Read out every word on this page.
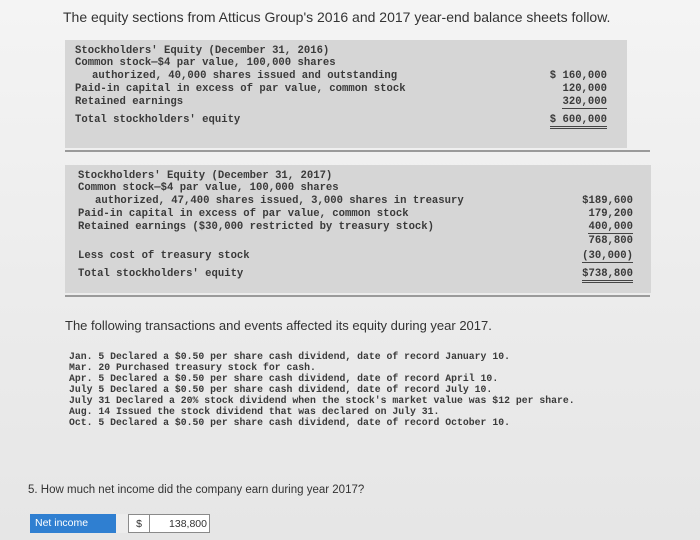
The equity sections from Atticus Group's 2016 and 2017 year-end balance sheets follow.
Stockholders' Equity (December 31, 2016)
Common stock—$4 par value, 100,000 shares
authorized, 40,000 shares issued and outstanding	$ 160,000
Paid-in capital in excess of par value, common stock	120,000
Retained earnings	320,000
Total stockholders' equity	$ 600,000
Stockholders' Equity (December 31, 2017)
Common stock—$4 par value, 100,000 shares
authorized, 47,400 shares issued, 3,000 shares in treasury	$189,600
Paid-in capital in excess of par value, common stock	179,200
Retained earnings ($30,000 restricted by treasury stock)	400,000
768,800
Less cost of treasury stock	(30,000)
Total stockholders' equity	$738,800
The following transactions and events affected its equity during year 2017.
Jan. 5 Declared a $0.50 per share cash dividend, date of record January 10.
Mar. 20 Purchased treasury stock for cash.
Apr. 5 Declared a $0.50 per share cash dividend, date of record April 10.
July 5 Declared a $0.50 per share cash dividend, date of record July 10.
July 31 Declared a 20% stock dividend when the stock's market value was $12 per share.
Aug. 14 Issued the stock dividend that was declared on July 31.
Oct. 5 Declared a $0.50 per share cash dividend, date of record October 10.
5. How much net income did the company earn during year 2017?
Net income	$	138,800
